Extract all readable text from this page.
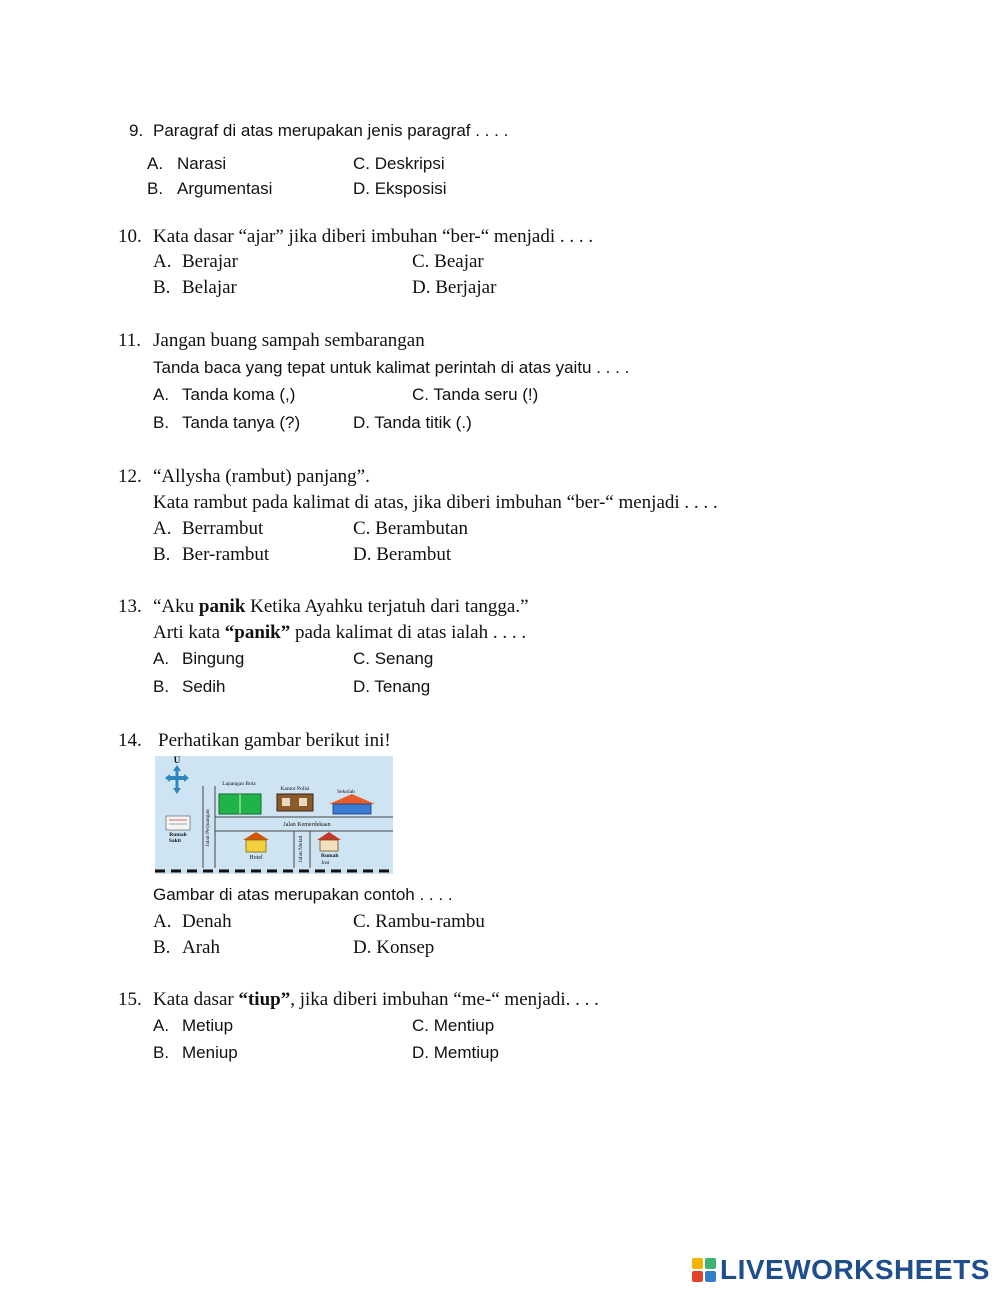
9. Paragraf di atas merupakan jenis paragraf . . . .
A. Narasi
B. Argumentasi
C. Deskripsi
D. Eksposisi
10. Kata dasar “ajar” jika diberi imbuhan “ber-“ menjadi . . . .
A. Berajar
B. Belajar
C. Beajar
D. Berjajar
11. Jangan buang sampah sembarangan
Tanda baca yang tepat untuk kalimat perintah di atas yaitu . . . .
A. Tanda koma (,)
B. Tanda tanya (?)
C. Tanda seru (!)
D. Tanda titik (.)
12. “Allysha (rambut) panjang”.
Kata rambut pada kalimat di atas, jika diberi imbuhan “ber-“ menjadi . . . .
A. Berrambut
B. Ber-rambut
C. Berambutan
D. Berambut
13. “Aku panik Ketika Ayahku terjatuh dari tangga.”
Arti kata “panik” pada kalimat di atas ialah . . . .
A. Bingung
B. Sedih
C. Senang
D. Tenang
14. Perhatikan gambar berikut ini!
U
Lapangan Bola
Kantor Polisi	Sekolah
Jalan Kemerdekaan
Jalan Perjuangan
Jalan Melati
Rumah
Sakit
Hotel	Rumah
Josi
Gambar di atas merupakan contoh . . . .
A. Denah
B. Arah
C. Rambu-rambu
D. Konsep
15. Kata dasar “tiup”, jika diberi imbuhan “me-“ menjadi. . . .
A. Metiup
B. Meniup
C. Mentiup
D. Memtiup
LIVEWORKSHEETS
